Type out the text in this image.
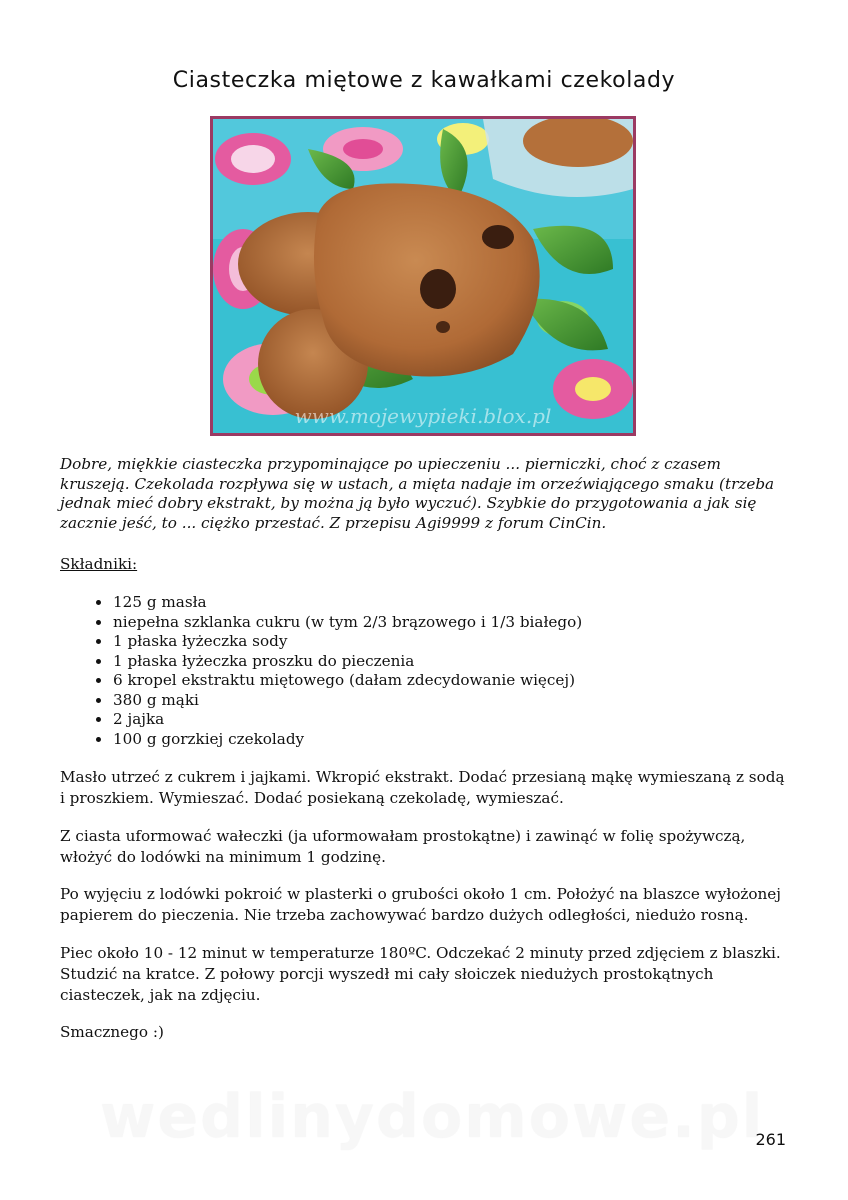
Ciasteczka miętowe z kawałkami czekolady
www.mojewypieki.blox.pl

Dobre, miękkie ciasteczka przypominające po upieczeniu ... pierniczki, choć z czasem kruszeją. Czekolada rozpływa się w ustach, a mięta nadaje im orzeźwiającego smaku (trzeba jednak mieć dobry ekstrakt, by można ją było wyczuć). Szybkie do przygotowania a jak się zacznie jeść, to ... ciężko przestać. Z przepisu Agi9999 z forum CinCin.

Składniki:
• 125 g masła
• niepełna szklanka cukru (w tym 2/3 brązowego i 1/3 białego)
• 1 płaska łyżeczka sody
• 1 płaska łyżeczka proszku do pieczenia
• 6 kropel ekstraktu miętowego (dałam zdecydowanie więcej)
• 380 g mąki
• 2 jajka
• 100 g gorzkiej czekolady

Masło utrzeć z cukrem i jajkami. Wkropić ekstrakt. Dodać przesianą mąkę wymieszaną z sodą i proszkiem. Wymieszać. Dodać posiekaną czekoladę, wymieszać.

Z ciasta uformować wałeczki (ja uformowałam prostokątne) i zawinąć w folię spożywczą, włożyć do lodówki na minimum 1 godzinę.

Po wyjęciu z lodówki pokroić w plasterki o grubości około 1 cm. Położyć na blaszce wyłożonej papierem do pieczenia. Nie trzeba zachowywać bardzo dużych odległości, niedużo rosną.

Piec około 10 - 12 minut w temperaturze 180ºC. Odczekać 2 minuty przed zdjęciem z blaszki. Studzić na kratce. Z połowy porcji wyszedł mi cały słoiczek niedużych prostokątnych ciasteczek, jak na zdjęciu.

Smacznego :)

wedlinydomowe.pl
261
